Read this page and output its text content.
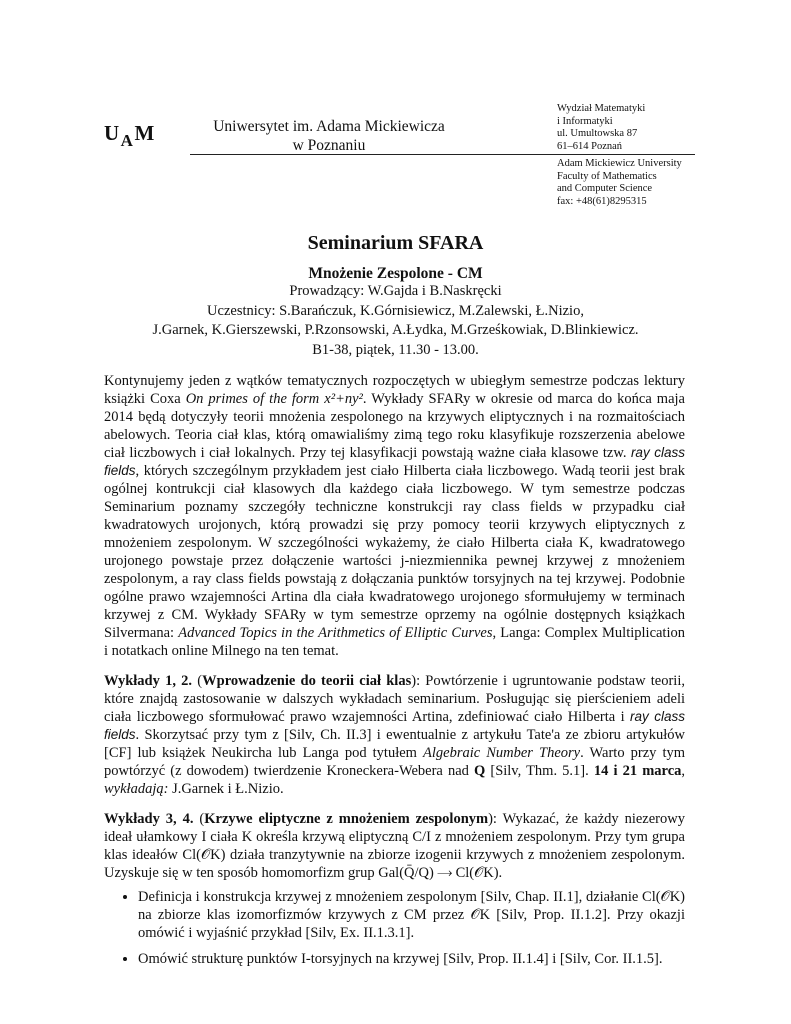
$U_AM$	Uniwersytet im. Adama Mickiewicza
w Poznaniu
Wydział Matematyki
i Informatyki
ul. Umultowska 87
61–614 Poznań
Adam Mickiewicz University
Faculty of Mathematics
and Computer Science
fax: +48(61)8295315
Seminarium SFARA
Mnożenie Zespolone - CM
Prowadzący: W.Gajda i B.Naskręcki
Uczestnicy: S.Barańczuk, K.Górnisiewicz, M.Zalewski, Ł.Nizio,
J.Garnek, K.Gierszewski, P.Rzonsowski, A.Łydka, M.Grześkowiak, D.Blinkiewicz.
B1-38, piątek, 11.30 - 13.00.

Kontynujemy jeden z wątków tematycznych rozpoczętych w ubiegłym semestrze podczas lektury książki Coxa On primes of the form x²+ny². Wykłady SFARy w okresie od marca do końca maja 2014 będą dotyczyły teorii mnożenia zespolonego na krzywych eliptycznych i na rozmaitościach abelowych. Teoria ciał klas, którą omawialiśmy zimą tego roku klasyfikuje rozszerzenia abelowe ciał liczbowych i ciał lokalnych. Przy tej klasyfikacji powstają ważne ciała klasowe tzw. ray class fields, których szczególnym przykładem jest ciało Hilberta ciała liczbowego. Wadą teorii jest brak ogólnej kontrukcji ciał klasowych dla każdego ciała liczbowego. W tym semestrze podczas Seminarium poznamy szczegóły techniczne konstrukcji ray class fields w przypadku ciał kwadratowych urojonych, którą prowadzi się przy pomocy teorii krzywych eliptycznych z mnożeniem zespolonym. W szczególności wykażemy, że ciało Hilberta ciała K, kwadratowego urojonego powstaje przez dołączenie wartości j-niezmiennika pewnej krzywej z mnożeniem zespolonym, a ray class fields powstają z dołączania punktów torsyjnych na tej krzywej. Podobnie ogólne prawo wzajemności Artina dla ciała kwadratowego urojonego sformułujemy w terminach krzywej z CM. Wykłady SFARy w tym semestrze oprzemy na ogólnie dostępnych książkach Silvermana: Advanced Topics in the Arithmetics of Elliptic Curves, Langa: Complex Multiplication i notatkach online Milnego na ten temat.

Wykłady 1, 2. (Wprowadzenie do teorii ciał klas): Powtórzenie i ugruntowanie podstaw teorii, które znajdą zastosowanie w dalszych wykładach seminarium. Posługując się pierścieniem adeli ciała liczbowego sformułować prawo wzajemności Artina, zdefiniować ciało Hilberta i ray class fields. Skorzytsać przy tym z [Silv, Ch. II.3] i ewentualnie z artykułu Tate'a ze zbioru artykułów [CF] lub książek Neukircha lub Langa pod tytułem Algebraic Number Theory. Warto przy tym powtórzyć (z dowodem) twierdzenie Kroneckera-Webera nad Q [Silv, Thm. 5.1]. 14 i 21 marca, wykładają: J.Garnek i Ł.Nizio.

Wykłady 3, 4. (Krzywe eliptyczne z mnożeniem zespolonym): Wykazać, że każdy niezerowy ideał ułamkowy I ciała K określa krzywą eliptyczną C/I z mnożeniem zespolonym. Przy tym grupa klas ideałów Cl(𝒪K) działa tranzytywnie na zbiorze izogenii krzywych z mnożeniem zespolonym. Uzyskuje się w ten sposób homomorfizm grup Gal(Q̄/Q) ⟶ Cl(𝒪K).

• Definicja i konstrukcja krzywej z mnożeniem zespolonym [Silv, Chap. II.1], działanie Cl(𝒪K) na zbiorze klas izomorfizmów krzywych z CM przez 𝒪K [Silv, Prop. II.1.2]. Przy okazji omówić i wyjaśnić przykład [Silv, Ex. II.1.3.1].
• Omówić strukturę punktów I-torsyjnych na krzywej [Silv, Prop. II.1.4] i [Silv, Cor. II.1.5].
